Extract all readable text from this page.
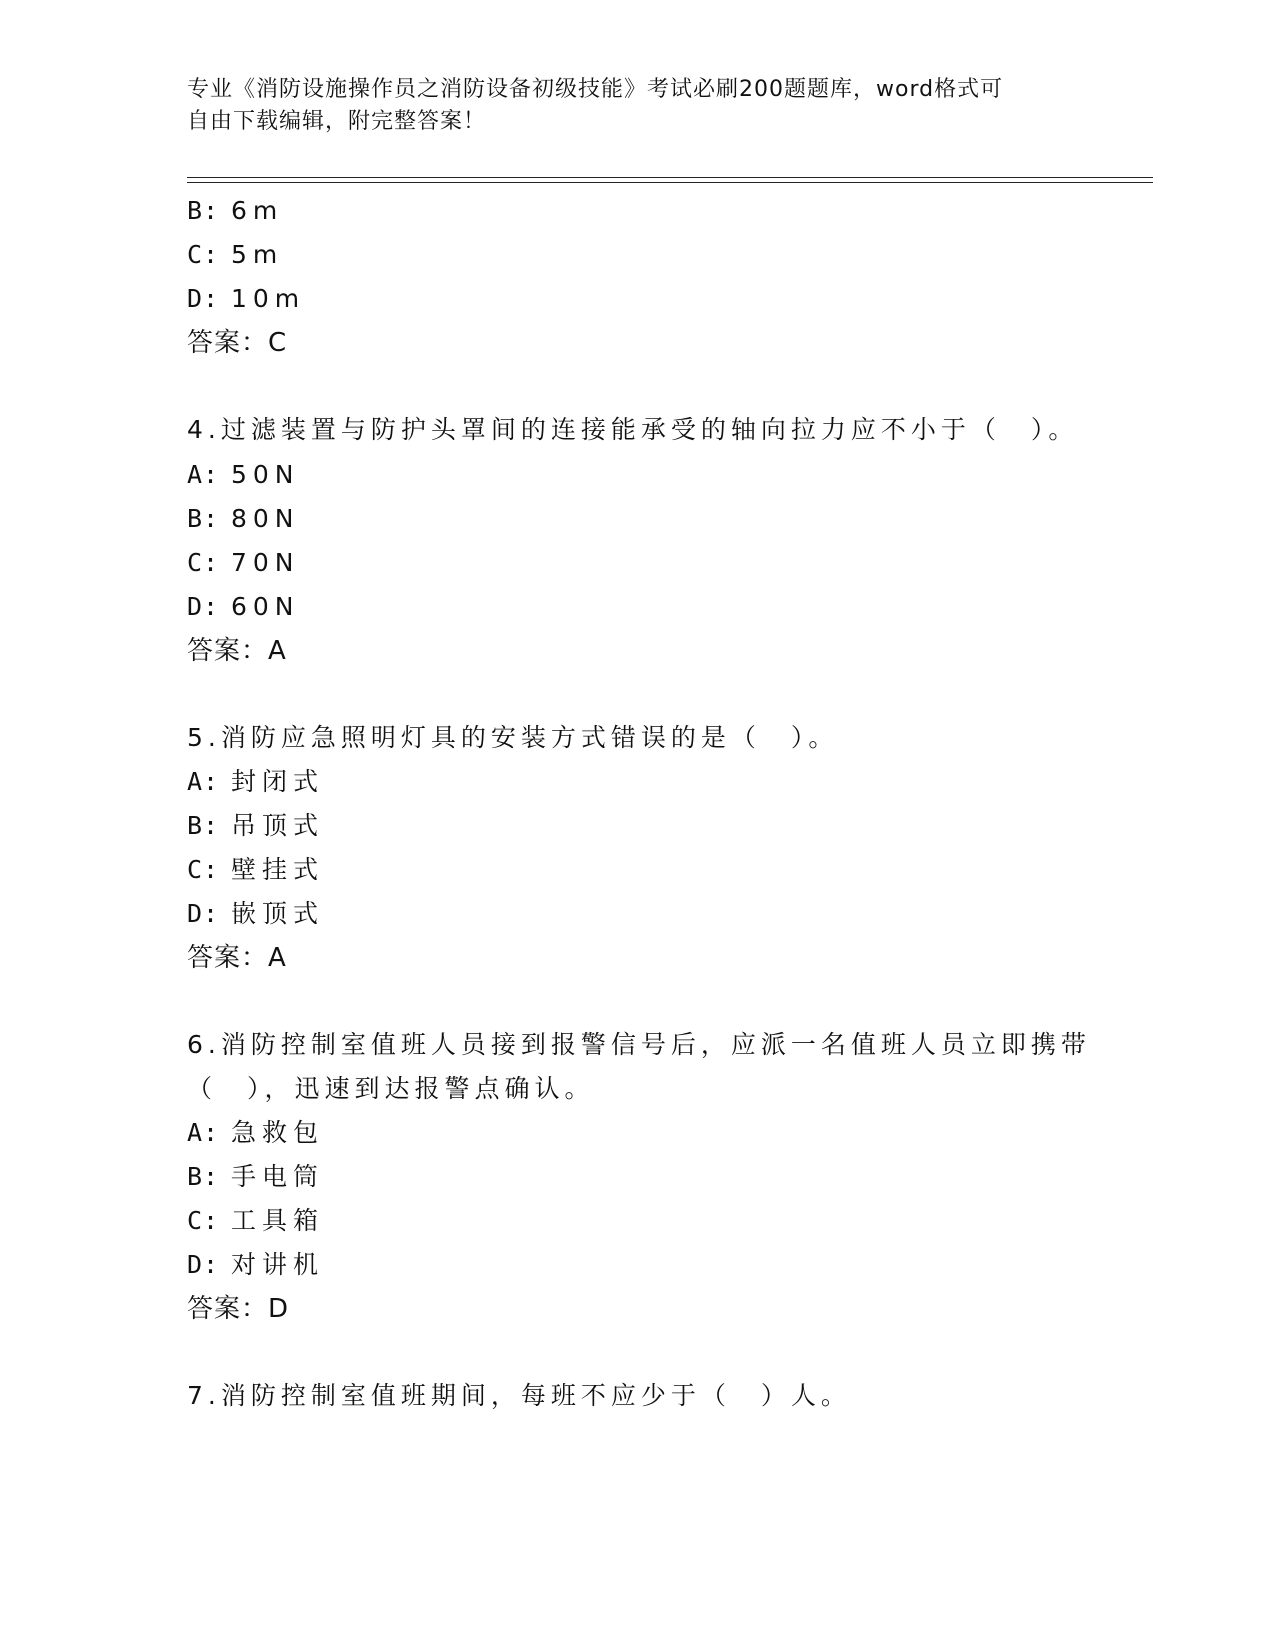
专业《消防设施操作员之消防设备初级技能》考试必刷200题题库，word格式可
自由下载编辑，附完整答案！
B: 6m
C: 5m
D: 10m
答案：C
4.过滤装置与防护头罩间的连接能承受的轴向拉力应不小于（　）。
A: 50N
B: 80N
C: 70N
D: 60N
答案：A
5.消防应急照明灯具的安装方式错误的是（　）。
A: 封闭式
B: 吊顶式
C: 壁挂式
D: 嵌顶式
答案：A
6.消防控制室值班人员接到报警信号后，应派一名值班人员立即携带
（　），迅速到达报警点确认。
A: 急救包
B: 手电筒
C: 工具箱
D: 对讲机
答案：D
7.消防控制室值班期间，每班不应少于（　）人。
